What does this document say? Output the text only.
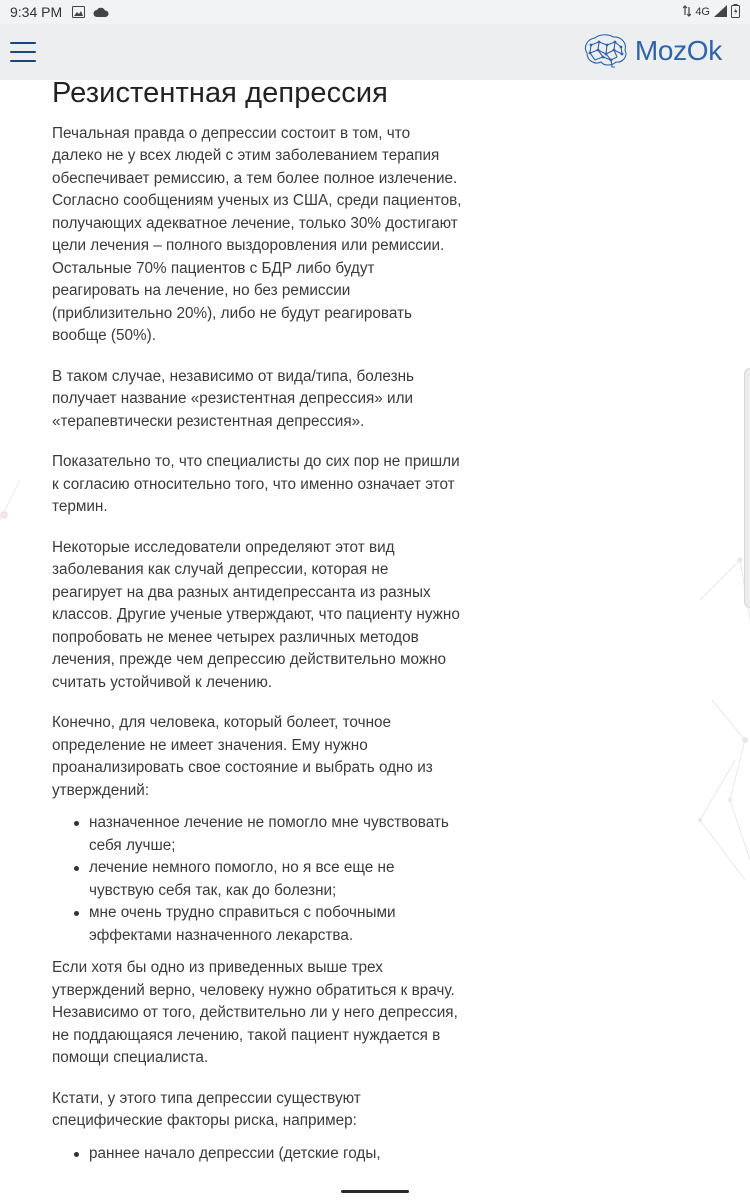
9:34 PM	4G
MozOk
Резистентная депрессия

Печальная правда о депрессии состоит в том, что далеко не у всех людей с этим заболеванием терапия обеспечивает ремиссию, а тем более полное излечение. Согласно сообщениям ученых из США, среди пациентов, получающих адекватное лечение, только 30% достигают цели лечения – полного выздоровления или ремиссии. Остальные 70% пациентов с БДР либо будут реагировать на лечение, но без ремиссии (приблизительно 20%), либо не будут реагировать вообще (50%).

В таком случае, независимо от вида/типа, болезнь получает название «резистентная депрессия» или «терапевтически резистентная депрессия».

Показательно то, что специалисты до сих пор не пришли к согласию относительно того, что именно означает этот термин.

Некоторые исследователи определяют этот вид заболевания как случай депрессии, которая не реагирует на два разных антидепрессанта из разных классов. Другие ученые утверждают, что пациенту нужно попробовать не менее четырех различных методов лечения, прежде чем депрессию действительно можно считать устойчивой к лечению.

Конечно, для человека, который болеет, точное определение не имеет значения. Ему нужно проанализировать свое состояние и выбрать одно из утверждений:

назначенное лечение не помогло мне чувствовать себя лучше;
лечение немного помогло, но я все еще не чувствую себя так, как до болезни;
мне очень трудно справиться с побочными эффектами назначенного лекарства.

Если хотя бы одно из приведенных выше трех утверждений верно, человеку нужно обратиться к врачу. Независимо от того, действительно ли у него депрессия, не поддающаяся лечению, такой пациент нуждается в помощи специалиста.

Кстати, у этого типа депрессии существуют специфические факторы риска, например:

раннее начало депрессии (детские годы,
